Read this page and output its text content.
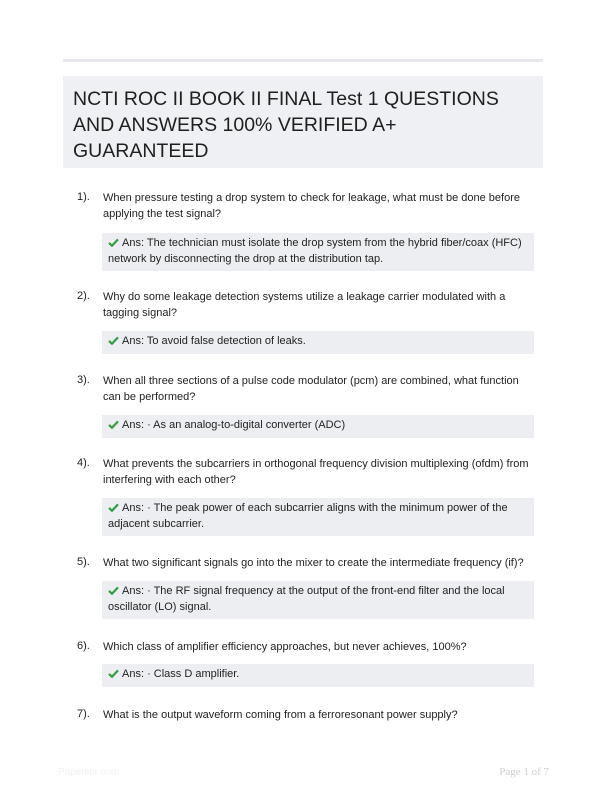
NCTI ROC II BOOK II FINAL Test 1 QUESTIONS AND ANSWERS 100% VERIFIED A+ GUARANTEED
1). When pressure testing a drop system to check for leakage, what must be done before applying the test signal?
Ans: The technician must isolate the drop system from the hybrid fiber/coax (HFC) network by disconnecting the drop at the distribution tap.
2). Why do some leakage detection systems utilize a leakage carrier modulated with a tagging signal?
Ans: To avoid false detection of leaks.
3). When all three sections of a pulse code modulator (pcm) are combined, what function can be performed?
Ans: · As an analog-to-digital converter (ADC)
4). What prevents the subcarriers in orthogonal frequency division multiplexing (ofdm) from interfering with each other?
Ans: · The peak power of each subcarrier aligns with the minimum power of the adjacent subcarrier.
5). What two significant signals go into the mixer to create the intermediate frequency (if)?
Ans: · The RF signal frequency at the output of the front-end filter and the local oscillator (LO) signal.
6). Which class of amplifier efficiency approaches, but never achieves, 100%?
Ans: · Class D amplifier.
7). What is the output waveform coming from a ferroresonant power supply?
Paperlibr.com	Page 1 of 7
